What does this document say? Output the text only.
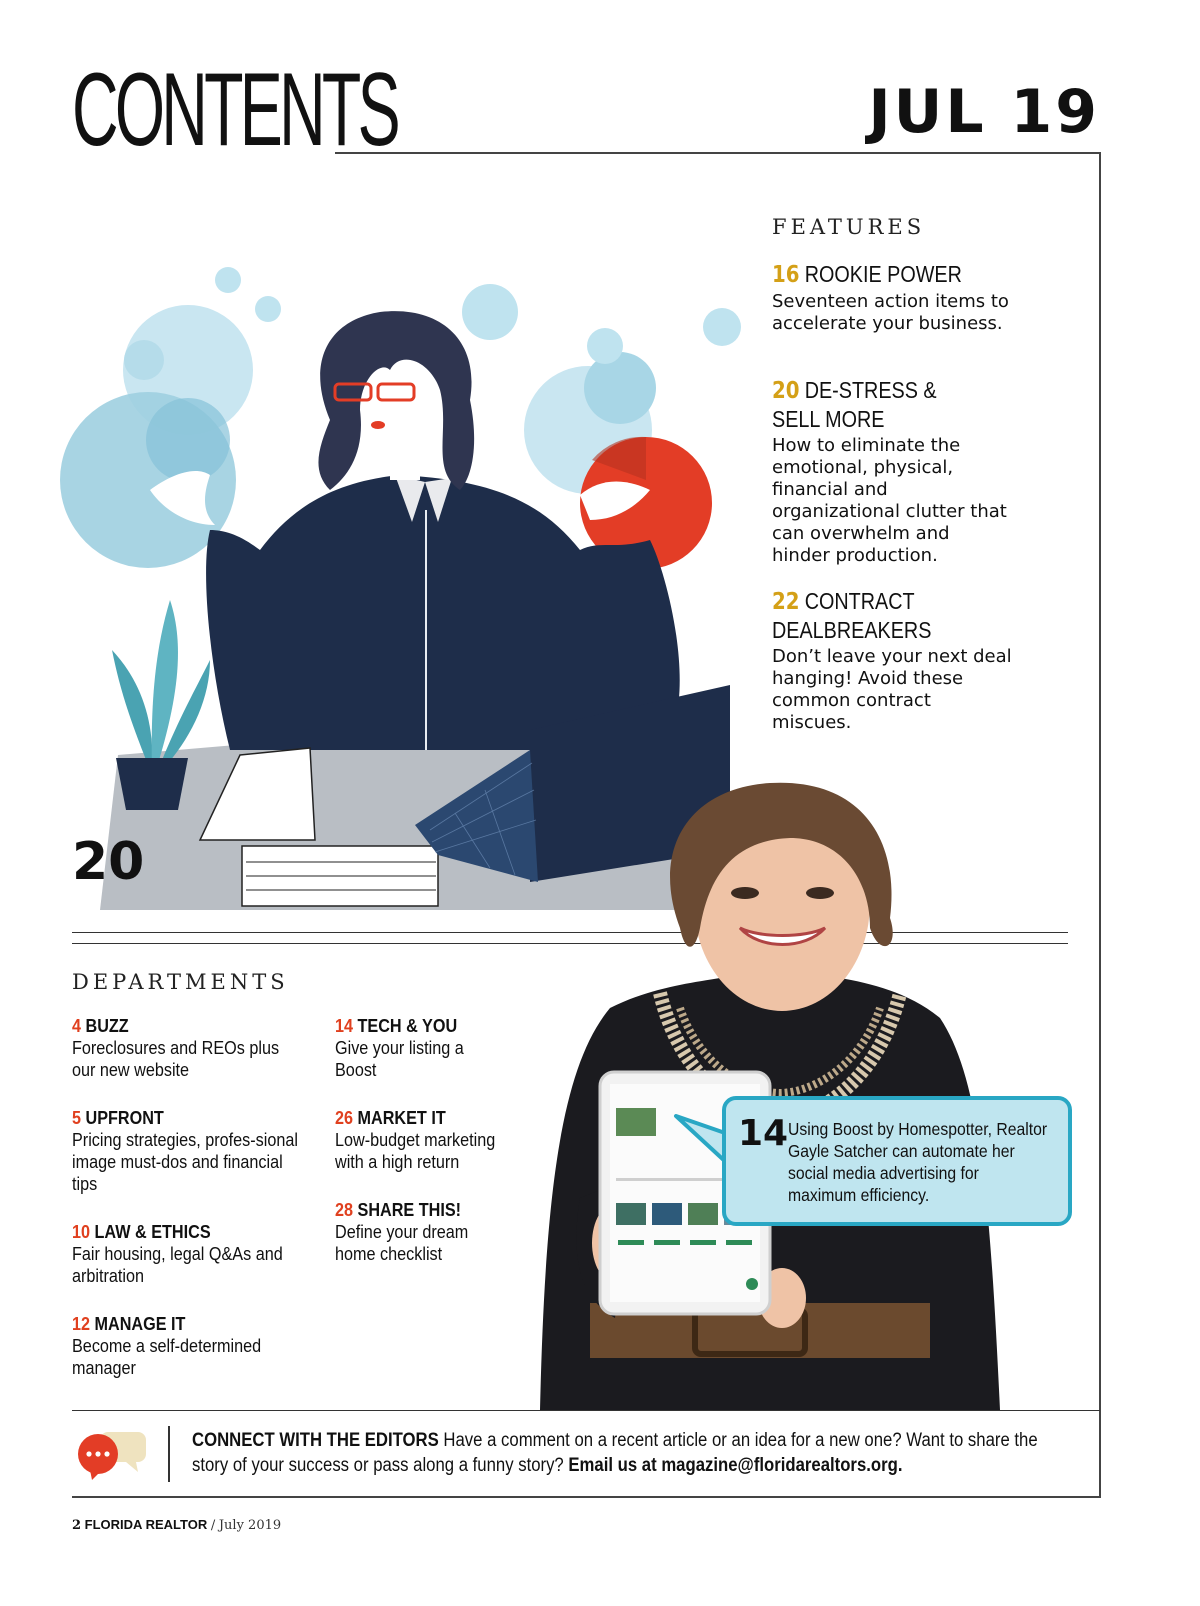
CONTENTS	JUL 19
FEATURES
16 ROOKIE POWER
Seventeen action items to accelerate your business.
20 DE-STRESS &
SELL MORE
How to eliminate the emotional, physical, financial and organizational clutter that can overwhelm and hinder production.
22 CONTRACT
DEALBREAKERS
Don’t leave your next deal hanging! Avoid these common contract miscues.
20
14 Using Boost by Homespotter, Realtor Gayle Satcher can automate her social media advertising for maximum efficiency.
DEPARTMENTS
4 BUZZ
Foreclosures and REOs plus our new website
5 UPFRONT
Pricing strategies, profes-sional image must-dos and financial tips
10 LAW & ETHICS
Fair housing, legal Q&As and arbitration
12 MANAGE IT
Become a self-determined manager
14 TECH & YOU
Give your listing a Boost
26 MARKET IT
Low-budget marketing with a high return
28 SHARE THIS!
Define your dream home checklist
CONNECT WITH THE EDITORS Have a comment on a recent article or an idea for a new one? Want to share the story of your success or pass along a funny story? Email us at magazine@floridarealtors.org.
2 FLORIDA REALTOR / July 2019
